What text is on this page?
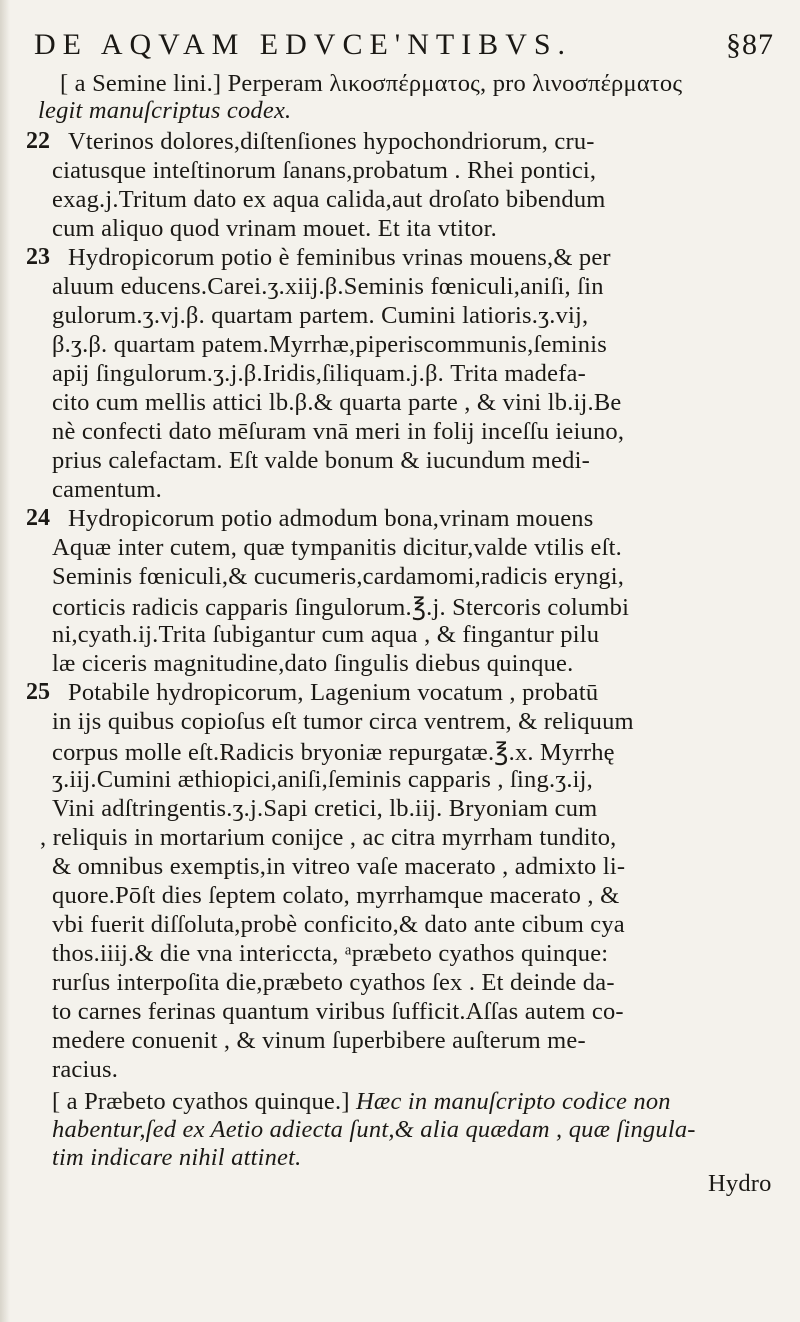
DE AQVAM EDVCE'NTIBVS.	§87
[ a Semine lini.] Perperam λικοσπέρματος, pro λινοσπέρματος
legit manuſcriptus codex.
22 Vterinos dolores,diſtenſiones hypochondriorum, cru-
ciatusque inteſtinorum ſanans,probatum . Rhei pontici,
exag.j.Tritum dato ex aqua calida,aut droſato bibendum
cum aliquo quod vrinam mouet. Et ita vtitor.
23 Hydropicorum potio è feminibus vrinas mouens,& per
aluum educens.Carei.ʒ.xiij.β.Seminis fœniculi,aniſi, ſin
gulorum.ʒ.vj.β. quartam partem. Cumini latioris.ʒ.vij,
β.ʒ.β. quartam patem.Myrrhæ,piperiscommunis,ſeminis
apij ſingulorum.ʒ.j.β.Iridis,ſiliquam.j.β. Trita madefa-
cito cum mellis attici lb.β.& quarta parte , & vini lb.ij.Be
nè confecti dato mēſuram vnā meri in folij inceſſu ieiuno,
prius calefactam. Eſt valde bonum & iucundum medi-
camentum.
24 Hydropicorum potio admodum bona,vrinam mouens
Aquæ inter cutem, quæ tympanitis dicitur,valde vtilis eſt.
Seminis fœniculi,& cucumeris,cardamomi,radicis eryngi,
corticis radicis capparis ſingulorum.℥.j. Stercoris columbi
ni,cyath.ij.Trita ſubigantur cum aqua , & fingantur pilu
læ ciceris magnitudine,dato ſingulis diebus quinque.
25 Potabile hydropicorum, Lagenium vocatum , probatū
in ijs quibus copioſus eſt tumor circa ventrem, & reliquum
corpus molle eſt.Radicis bryoniæ repurgatæ.℥.x. Myrrhę
ʒ.iij.Cumini æthiopici,aniſi,ſeminis capparis , ſing.ʒ.ij,
Vini adſtringentis.ʒ.j.Sapi cretici, lb.iij. Bryoniam cum
, reliquis in mortarium conijce , ac citra myrrham tundito,
& omnibus exemptis,in vitreo vaſe macerato , admixto li-
quore.Pōſt dies ſeptem colato, myrrhamque macerato , &
vbi fuerit diſſoluta,probè conficito,& dato ante cibum cya
thos.iiij.& die vna intericcta, ᵃpræbeto cyathos quinque:
rurſus interpoſita die,præbeto cyathos ſex . Et deinde da-
to carnes ferinas quantum viribus ſufficit.Aſſas autem co-
medere conuenit , & vinum ſuperbibere auſterum me-
racius.
[ a Præbeto cyathos quinque.] Hæc in manuſcripto codice non
habentur,ſed ex Aetio adiecta ſunt,& alia quædam , quæ ſingula-
tim indicare nihil attinet.
Hydro
